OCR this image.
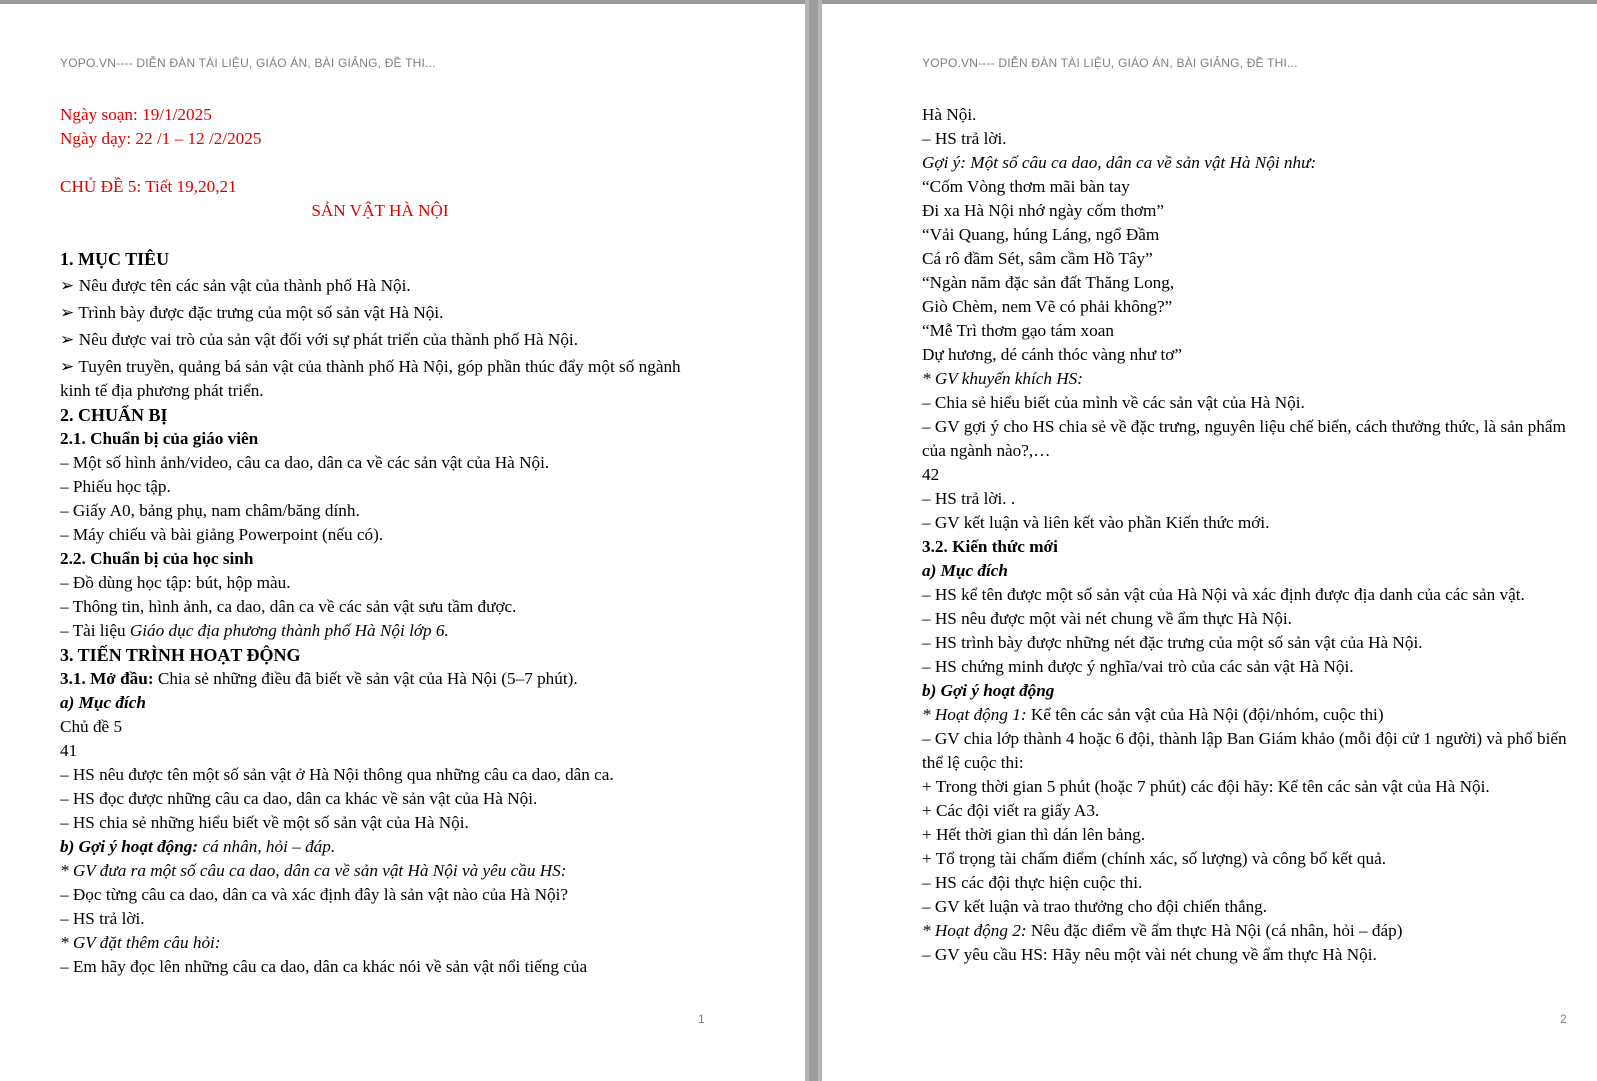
YOPO.VN---- DIỄN ĐÀN TÀI LIỆU, GIÁO ÁN, BÀI GIẢNG, ĐỀ THI...
Ngày soạn: 19/1/2025
Ngày dạy: 22 /1 – 12 /2/2025
CHỦ ĐỀ 5: Tiết 19,20,21
SẢN VẬT HÀ NỘI
1. MỤC TIÊU
➢ Nêu được tên các sản vật của thành phố Hà Nội.
➢ Trình bày được đặc trưng của một số sản vật Hà Nội.
➢ Nêu được vai trò của sản vật đối với sự phát triển của thành phố Hà Nội.
➢ Tuyên truyền, quảng bá sản vật của thành phố Hà Nội, góp phần thúc đẩy một số ngành kinh tế địa phương phát triển.
2. CHUẨN BỊ
2.1. Chuẩn bị của giáo viên
– Một số hình ảnh/video, câu ca dao, dân ca về các sản vật của Hà Nội.
– Phiếu học tập.
– Giấy A0, bảng phụ, nam châm/băng dính.
– Máy chiếu và bài giảng Powerpoint (nếu có).
2.2. Chuẩn bị của học sinh
– Đồ dùng học tập: bút, hộp màu.
– Thông tin, hình ảnh, ca dao, dân ca về các sản vật sưu tầm được.
– Tài liệu Giáo dục địa phương thành phố Hà Nội lớp 6.
3. TIẾN TRÌNH HOẠT ĐỘNG
3.1. Mở đầu: Chia sẻ những điều đã biết về sản vật của Hà Nội (5–7 phút).
a) Mục đích
Chủ đề 5
41
– HS nêu được tên một số sản vật ở Hà Nội thông qua những câu ca dao, dân ca.
– HS đọc được những câu ca dao, dân ca khác về sản vật của Hà Nội.
– HS chia sẻ những hiểu biết về một số sản vật của Hà Nội.
b) Gợi ý hoạt động: cá nhân, hỏi – đáp.
* GV đưa ra một số câu ca dao, dân ca về sản vật Hà Nội và yêu cầu HS:
– Đọc từng câu ca dao, dân ca và xác định đây là sản vật nào của Hà Nội?
– HS trả lời.
* GV đặt thêm câu hỏi:
– Em hãy đọc lên những câu ca dao, dân ca khác nói về sản vật nổi tiếng của
1
YOPO.VN---- DIỄN ĐÀN TÀI LIỆU, GIÁO ÁN, BÀI GIẢNG, ĐỀ THI...
Hà Nội.
– HS trả lời.
Gợi ý: Một số câu ca dao, dân ca về sản vật Hà Nội như:
“Cốm Vòng thơm mãi bàn tay
Đi xa Hà Nội nhớ ngày cốm thơm”
“Vải Quang, húng Láng, ngổ Đầm
Cá rô đầm Sét, sâm cầm Hồ Tây”
“Ngàn năm đặc sản đất Thăng Long,
Giò Chèm, nem Vẽ có phải không?”
“Mễ Trì thơm gạo tám xoan
Dự hương, dé cánh thóc vàng như tơ”
* GV khuyến khích HS:
– Chia sẻ hiểu biết của mình về các sản vật của Hà Nội.
– GV gợi ý cho HS chia sẻ về đặc trưng, nguyên liệu chế biến, cách thưởng thức, là sản phẩm của ngành nào?,…
42
– HS trả lời. .
– GV kết luận và liên kết vào phần Kiến thức mới.
3.2. Kiến thức mới
a) Mục đích
– HS kể tên được một số sản vật của Hà Nội và xác định được địa danh của các sản vật.
– HS nêu được một vài nét chung về ẩm thực Hà Nội.
– HS trình bày được những nét đặc trưng của một số sản vật của Hà Nội.
– HS chứng minh được ý nghĩa/vai trò của các sản vật Hà Nội.
b) Gợi ý hoạt động
* Hoạt động 1: Kể tên các sản vật của Hà Nội (đội/nhóm, cuộc thi)
– GV chia lớp thành 4 hoặc 6 đội, thành lập Ban Giám khảo (mỗi đội cử 1 người) và phổ biến thể lệ cuộc thi:
+ Trong thời gian 5 phút (hoặc 7 phút) các đội hãy: Kể tên các sản vật của Hà Nội.
+ Các đội viết ra giấy A3.
+ Hết thời gian thì dán lên bảng.
+ Tổ trọng tài chấm điểm (chính xác, số lượng) và công bố kết quả.
– HS các đội thực hiện cuộc thi.
– GV kết luận và trao thưởng cho đội chiến thắng.
* Hoạt động 2: Nêu đặc điểm về ẩm thực Hà Nội (cá nhân, hỏi – đáp)
– GV yêu cầu HS: Hãy nêu một vài nét chung về ẩm thực Hà Nội.
2
